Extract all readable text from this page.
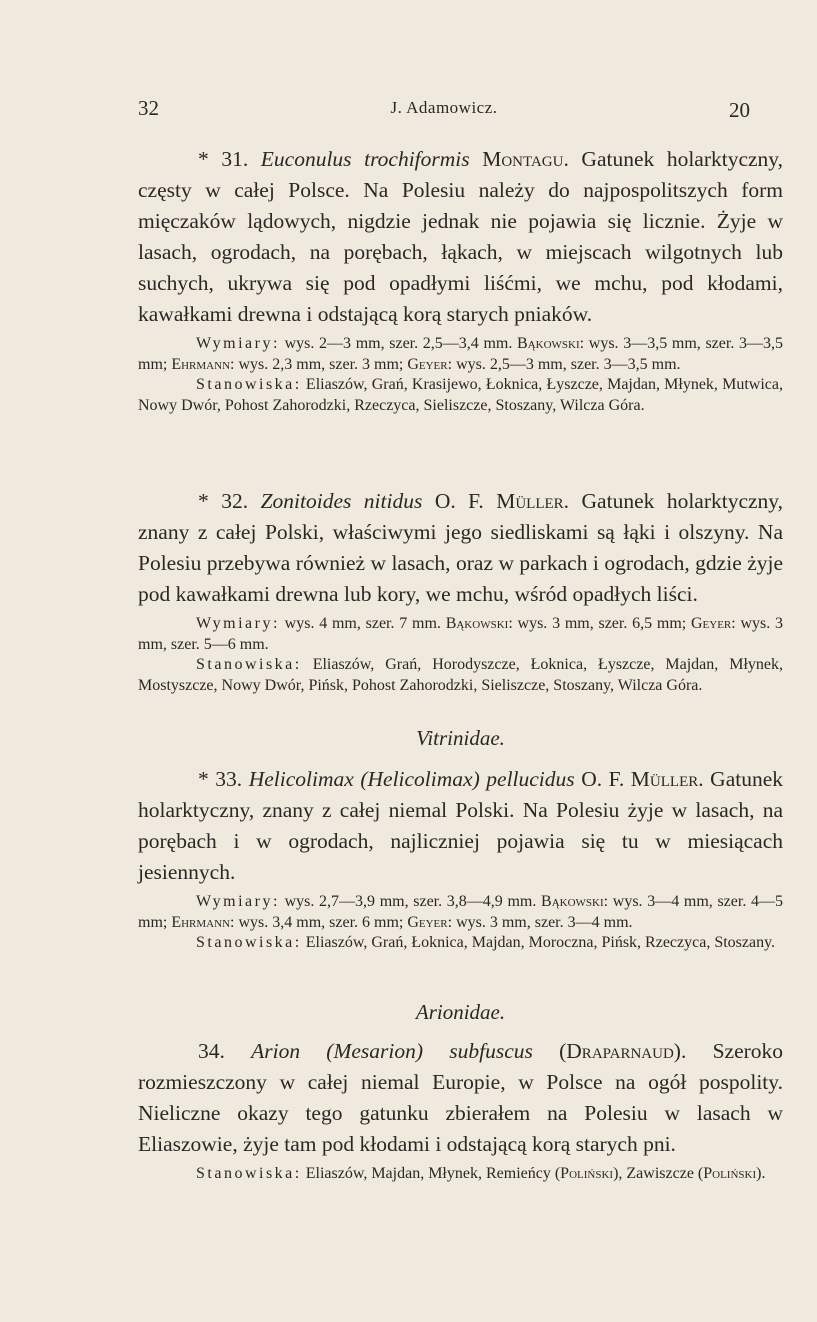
32	J. Adamowicz.	20

* 31. Euconulus trochiformis Montagu. Gatunek holarktyczny, częsty w całej Polsce. Na Polesiu należy do najpospolitszych form mięczaków lądowych, nigdzie jednak nie pojawia się licznie. Żyje w lasach, ogrodach, na porębach, łąkach, w miejscach wilgotnych lub suchych, ukrywa się pod opadłymi liśćmi, we mchu, pod kłodami, kawałkami drewna i odstającą korą starych pniaków.

Wymiary: wys. 2—3 mm, szer. 2,5—3,4 mm. Bąkowski: wys. 3—3,5 mm, szer. 3—3,5 mm; Ehrmann: wys. 2,3 mm, szer. 3 mm; Geyer: wys. 2,5—3 mm, szer. 3—3,5 mm.

Stanowiska: Eliaszów, Grań, Krasijewo, Łoknica, Łyszcze, Majdan, Młynek, Mutwica, Nowy Dwór, Pohost Zahorodzki, Rzeczyca, Sieliszcze, Stoszany, Wilcza Góra.

* 32. Zonitoides nitidus O. F. Müller. Gatunek holarktyczny, znany z całej Polski, właściwymi jego siedliskami są łąki i olszyny. Na Polesiu przebywa również w lasach, oraz w parkach i ogrodach, gdzie żyje pod kawałkami drewna lub kory, we mchu, wśród opadłych liści.

Wymiary: wys. 4 mm, szer. 7 mm. Bąkowski: wys. 3 mm, szer. 6,5 mm; Geyer: wys. 3 mm, szer. 5—6 mm.

Stanowiska: Eliaszów, Grań, Horodyszcze, Łoknica, Łyszcze, Majdan, Młynek, Mostyszcze, Nowy Dwór, Pińsk, Pohost Zahorodzki, Sieliszcze, Stoszany, Wilcza Góra.

Vitrinidae.

* 33. Helicolimax (Helicolimax) pellucidus O. F. Müller. Gatunek holarktyczny, znany z całej niemal Polski. Na Polesiu żyje w lasach, na porębach i w ogrodach, najliczniej pojawia się tu w miesiącach jesiennych.

Wymiary: wys. 2,7—3,9 mm, szer. 3,8—4,9 mm. Bąkowski: wys. 3—4 mm, szer. 4—5 mm; Ehrmann: wys. 3,4 mm, szer. 6 mm; Geyer: wys. 3 mm, szer. 3—4 mm.

Stanowiska: Eliaszów, Grań, Łoknica, Majdan, Moroczna, Pińsk, Rzeczyca, Stoszany.

Arionidae.

34. Arion (Mesarion) subfuscus (Draparnaud). Szeroko rozmieszczony w całej niemal Europie, w Polsce na ogół pospolity. Nieliczne okazy tego gatunku zbierałem na Polesiu w lasach w Eliaszowie, żyje tam pod kłodami i odstającą korą starych pni.

Stanowiska: Eliaszów, Majdan, Młynek, Remieńcy (Poliński), Zawiszcze (Poliński).
